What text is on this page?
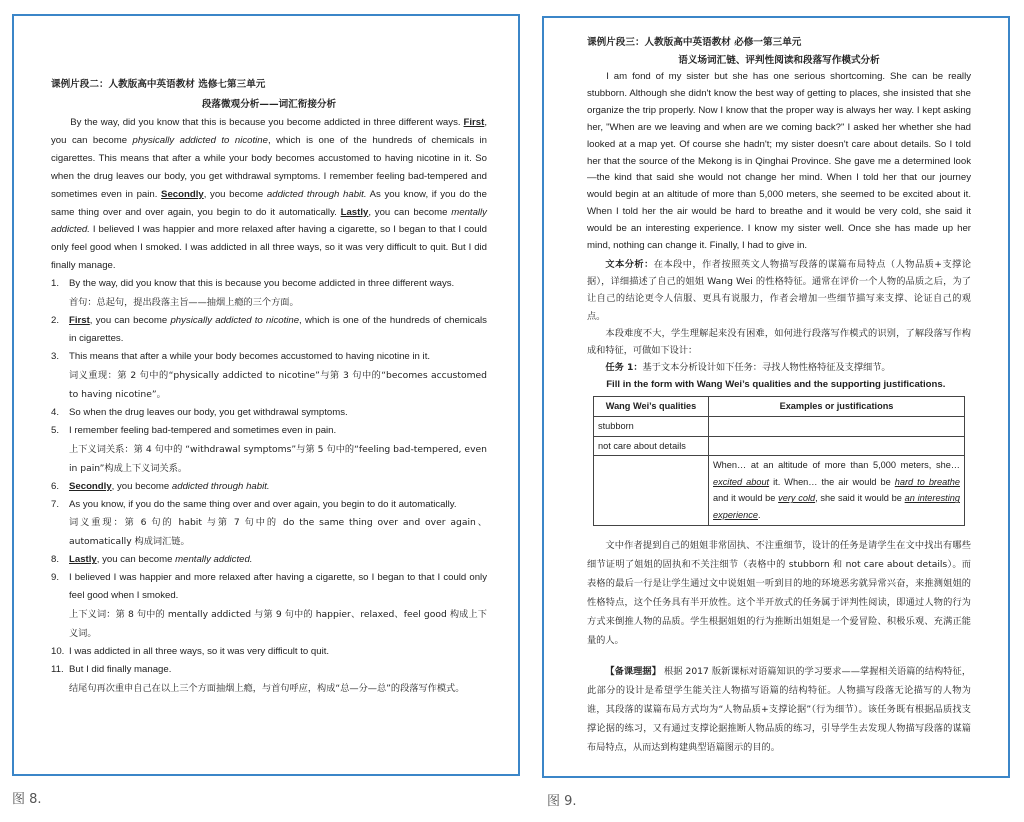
课例片段二：人教版高中英语教材 选修七第三单元

段落微观分析——词汇衔接分析

By the way, did you know that this is because you become addicted in three different ways. First, you can become physically addicted to nicotine, which is one of the hundreds of chemicals in cigarettes. This means that after a while your body becomes accustomed to having nicotine in it. So when the drug leaves our body, you get withdrawal symptoms. I remember feeling bad-tempered and sometimes even in pain. Secondly, you become addicted through habit. As you know, if you do the same thing over and over again, you begin to do it automatically. Lastly, you can become mentally addicted. I believed I was happier and more relaxed after having a cigarette, so I began to that I could only feel good when I smoked. I was addicted in all three ways, so it was very difficult to quit. But I did finally manage.

1.	By the way, did you know that this is because you become addicted in three different ways.

首句：总起句，提出段落主旨——抽烟上瘾的三个方面。

2.	First, you can become physically addicted to nicotine, which is one of the hundreds of chemicals in cigarettes.
3.	This means that after a while your body becomes accustomed to having nicotine in it.

词义重现：第 2 句中的“physically addicted to nicotine”与第 3 句中的“becomes accustomed to having nicotine”。

4.	So when the drug leaves our body, you get withdrawal symptoms.
5.	I remember feeling bad-tempered and sometimes even in pain.

上下义词关系：第 4 句中的 “withdrawal symptoms”与第 5 句中的“feeling bad-tempered, even in pain”构成上下义词关系。

6.	Secondly, you become addicted through habit.
7.	As you know, if you do the same thing over and over again, you begin to do it automatically.

词义重现：第 6 句的 habit 与第 7 句中的 do the same thing over and over again、automatically 构成词汇链。

8.	Lastly, you can become mentally addicted.
9.	I believed I was happier and more relaxed after having a cigarette, so I began to that I could only feel good when I smoked.

上下义词：第 8 句中的 mentally addicted 与第 9 句中的 happier、relaxed、feel good 构成上下义词。

10. I was addicted in all three ways, so it was very difficult to quit.
11. But I did finally manage.

结尾句再次重申自己在以上三个方面抽烟上瘾，与首句呼应，构成“总—分—总”的段落写作模式。

图 8.

课例片段三：人教版高中英语教材 必修一第三单元

语义场词汇链、评判性阅读和段落写作模式分析

I am fond of my sister but she has one serious shortcoming. She can be really stubborn. Although she didn't know the best way of getting to places, she insisted that she organize the trip properly. Now I know that the proper way is always her way. I kept asking her, "When are we leaving and when are we coming back?" I asked her whether she had looked at a map yet. Of course she hadn't; my sister doesn't care about details. So I told her that the source of the Mekong is in Qinghai Province. She gave me a determined look—the kind that said she would not change her mind. When I told her that our journey would begin at an altitude of more than 5,000 meters, she seemed to be excited about it. When I told her the air would be hard to breathe and it would be very cold, she said it would be an interesting experience. I know my sister well. Once she has made up her mind, nothing can change it. Finally, I had to give in.

文本分析：在本段中，作者按照英文人物描写段落的谋篇布局特点（人物品质+支撑论据），详细描述了自己的姐姐 Wang Wei 的性格特征。通常在评价一个人物的品质之后，为了让自己的结论更令人信服、更具有说服力，作者会增加一些细节描写来支撑、论证自己的观点。

本段难度不大，学生理解起来没有困难，如何进行段落写作模式的识别，了解段落写作构成和特征，可做如下设计：

任务 1：基于文本分析设计如下任务：寻找人物性格特征及支撑细节。

Fill in the form with Wang Wei’s qualities and the supporting justifications.

Wang Wei’s qualities	Examples or justifications
stubborn	
not care about details	
	When… at an altitude of more than 5,000 meters, she… excited about it. When… the air would be hard to breathe and it would be very cold, she said it would be an interesting experience.

文中作者提到自己的姐姐非常固执、不注重细节，设计的任务是请学生在文中找出有哪些细节证明了姐姐的固执和不关注细节（表格中的 stubborn 和 not care about details）。而表格的最后一行是让学生通过文中说姐姐一听到目的地的环境恶劣就异常兴奋，来推测姐姐的性格特点，这个任务具有半开放性。这个半开放式的任务属于评判性阅读，即通过人物的行为方式来倒推人物的品质。学生根据姐姐的行为推断出姐姐是一个爱冒险、积极乐观、充满正能量的人。

【备课理据】 根据 2017 版新课标对语篇知识的学习要求——掌握相关语篇的结构特征，此部分的设计是希望学生能关注人物描写语篇的结构特征。人物描写段落无论描写的人物为谁，其段落的谋篇布局方式均为“人物品质+支撑论据”（行为细节）。该任务既有根据品质找支撑论据的练习，又有通过支撑论据推断人物品质的练习，引导学生去发现人物描写段落的谋篇布局特点，从而达到构建典型语篇图示的目的。

图 9.
